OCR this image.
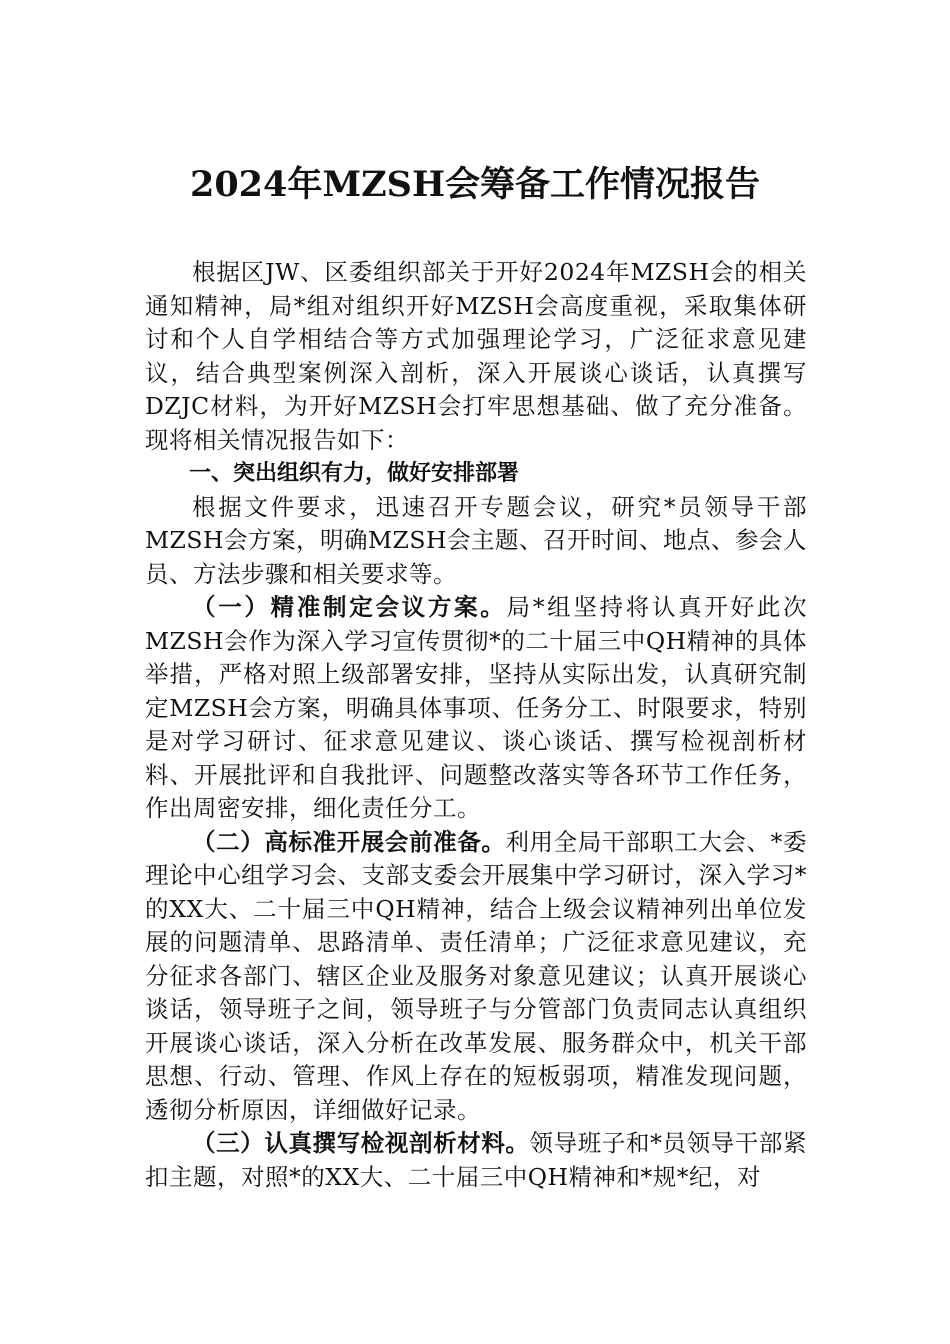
2024年MZSH会筹备工作情况报告

根据区JW、区委组织部关于开好2024年MZSH会的相关通知精神，局*组对组织开好MZSH会高度重视，采取集体研讨和个人自学相结合等方式加强理论学习，广泛征求意见建议，结合典型案例深入剖析，深入开展谈心谈话，认真撰写DZJC材料，为开好MZSH会打牢思想基础、做了充分准备。现将相关情况报告如下：

一、突出组织有力，做好安排部署

根据文件要求，迅速召开专题会议，研究*员领导干部MZSH会方案，明确MZSH会主题、召开时间、地点、参会人员、方法步骤和相关要求等。

（一）精准制定会议方案。局*组坚持将认真开好此次MZSH会作为深入学习宣传贯彻*的二十届三中QH精神的具体举措，严格对照上级部署安排，坚持从实际出发，认真研究制定MZSH会方案，明确具体事项、任务分工、时限要求，特别是对学习研讨、征求意见建议、谈心谈话、撰写检视剖析材料、开展批评和自我批评、问题整改落实等各环节工作任务，作出周密安排，细化责任分工。

（二）高标准开展会前准备。利用全局干部职工大会、*委理论中心组学习会、支部支委会开展集中学习研讨，深入学习*的XX大、二十届三中QH精神，结合上级会议精神列出单位发展的问题清单、思路清单、责任清单；广泛征求意见建议，充分征求各部门、辖区企业及服务对象意见建议；认真开展谈心谈话，领导班子之间，领导班子与分管部门负责同志认真组织开展谈心谈话，深入分析在改革发展、服务群众中，机关干部思想、行动、管理、作风上存在的短板弱项，精准发现问题，透彻分析原因，详细做好记录。

（三）认真撰写检视剖析材料。领导班子和*员领导干部紧扣主题，对照*的XX大、二十届三中QH精神和*规*纪，对
